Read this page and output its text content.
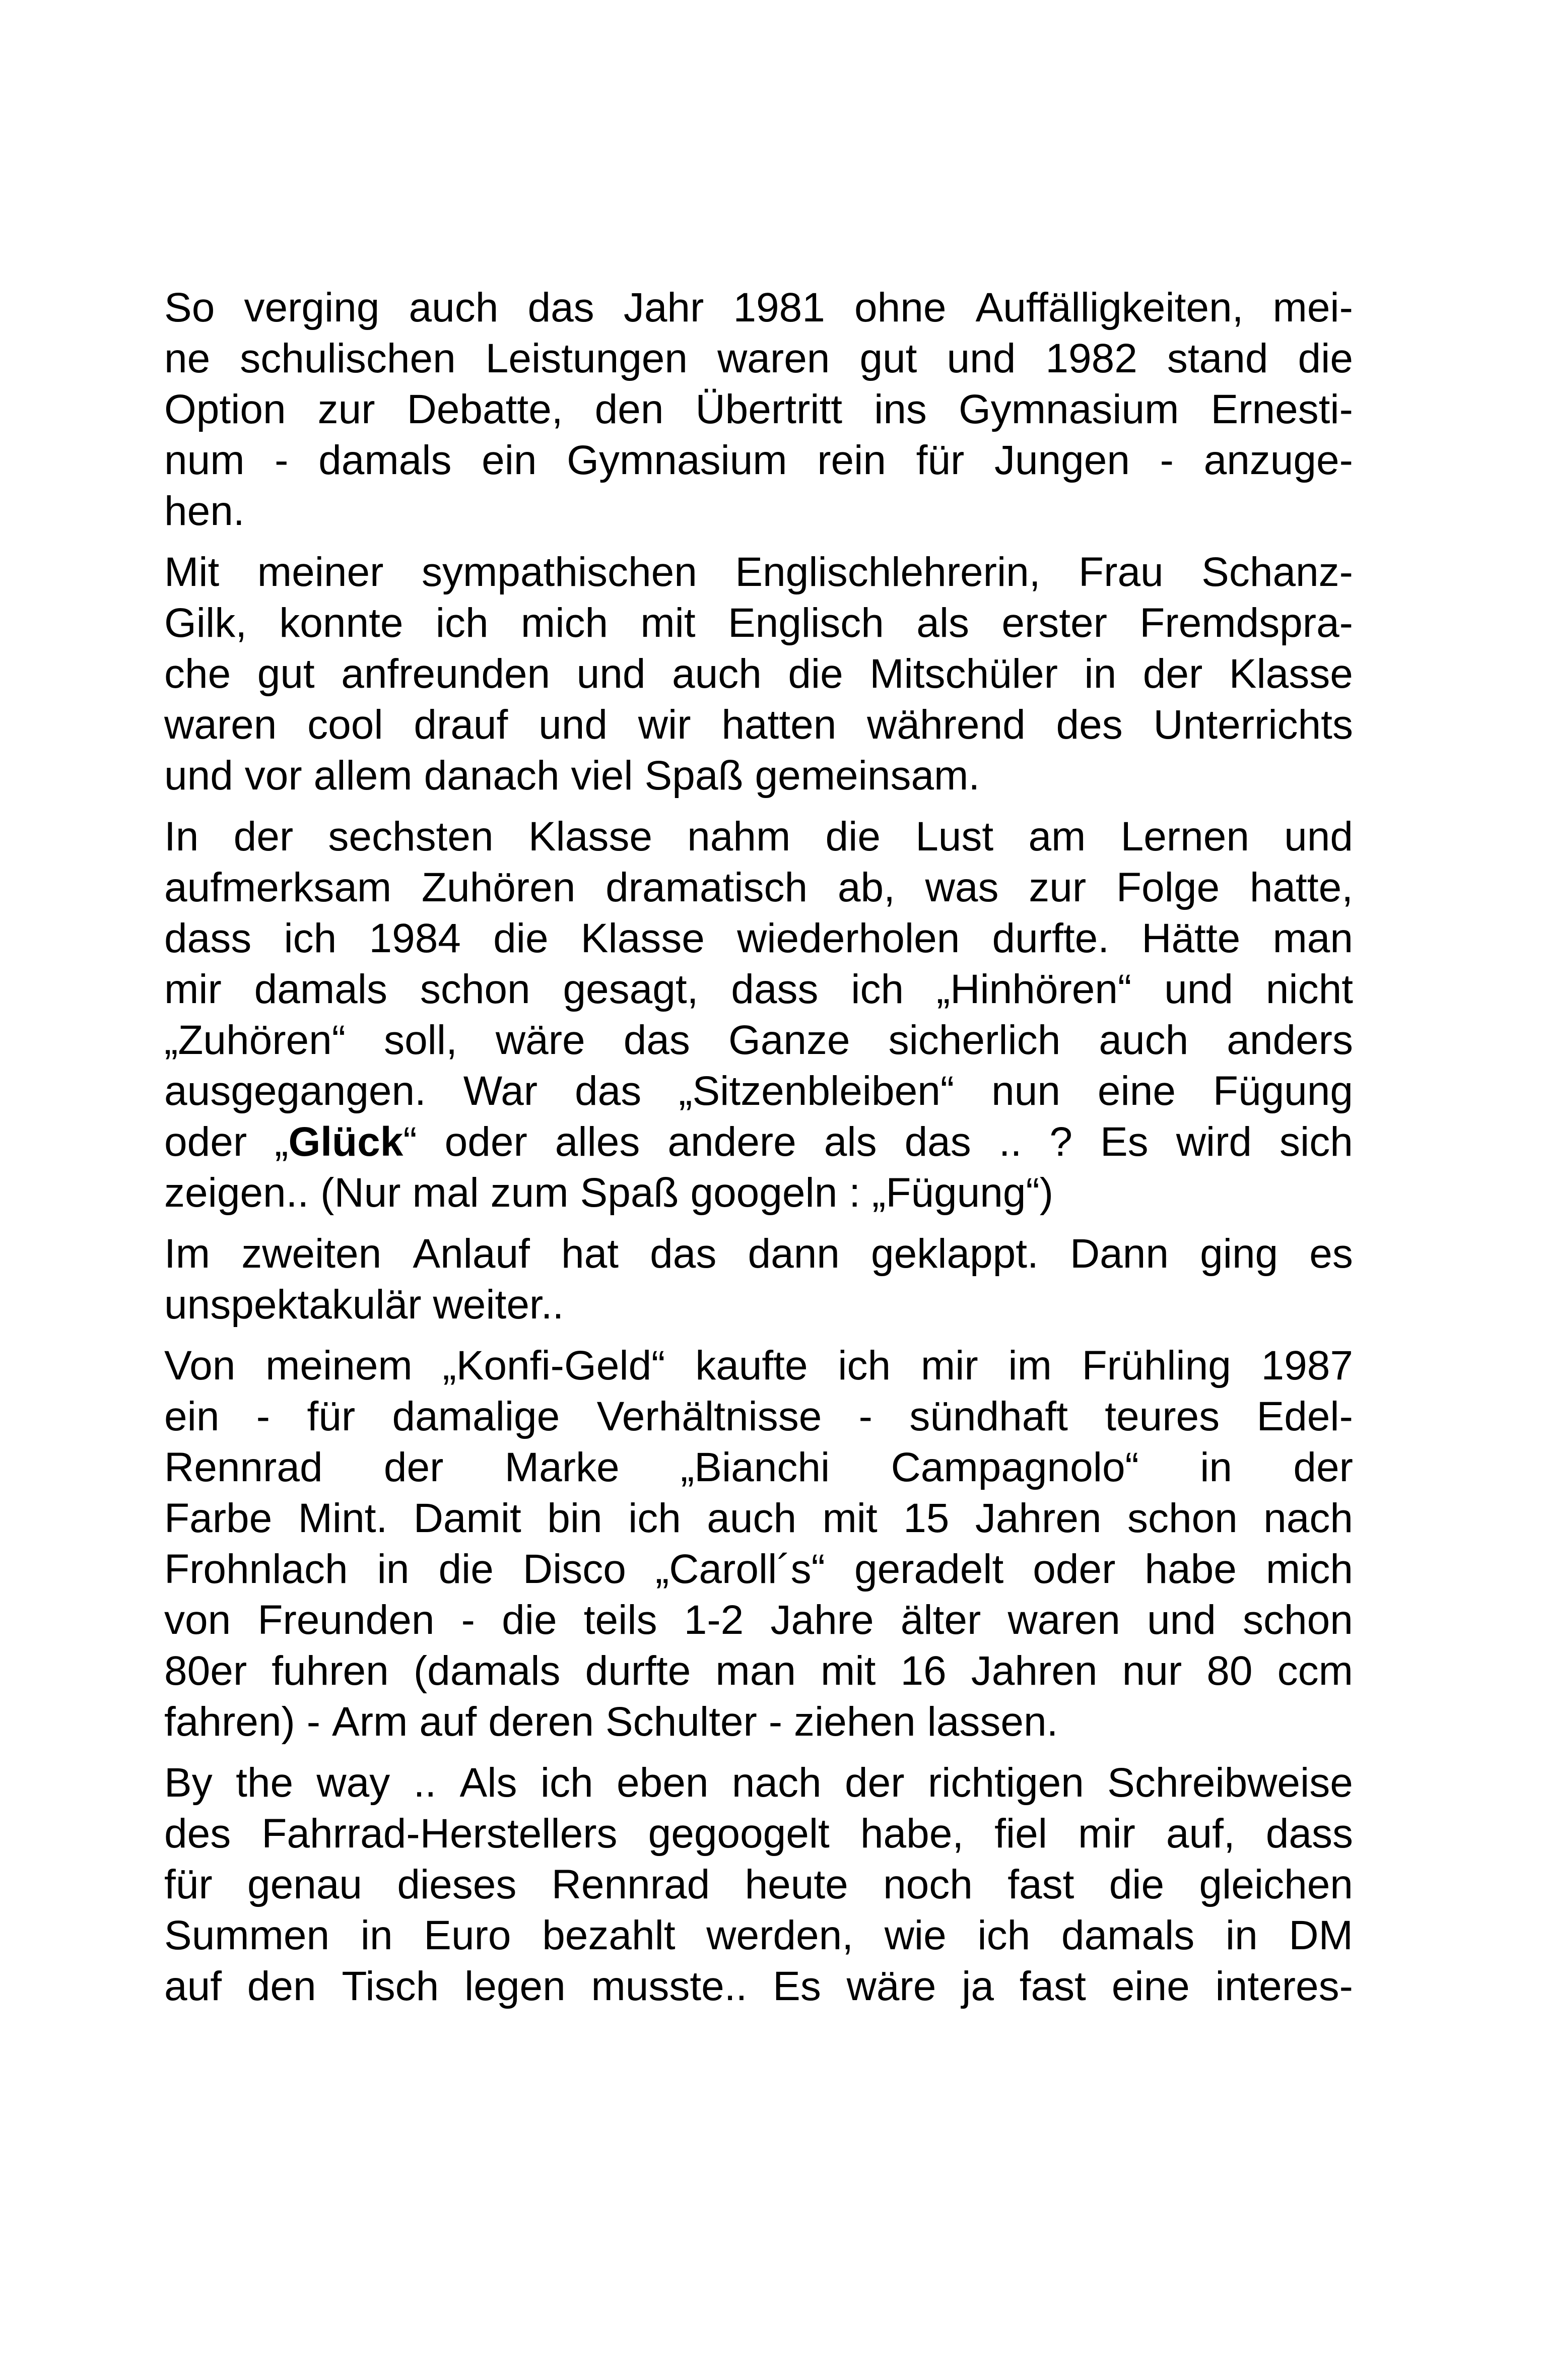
So verging auch das Jahr 1981 ohne Auffälligkeiten, mei-
ne schulischen Leistungen waren gut und 1982 stand die
Option zur Debatte, den Übertritt ins Gymnasium Ernesti-
num - damals ein Gymnasium rein für Jungen - anzuge-
hen.
Mit meiner sympathischen Englischlehrerin, Frau Schanz-
Gilk, konnte ich mich mit Englisch als erster Fremdspra-
che gut anfreunden und auch die Mitschüler in der Klasse
waren cool drauf und wir hatten während des Unterrichts
und vor allem danach viel Spaß gemeinsam.
In der sechsten Klasse nahm die Lust am Lernen und
aufmerksam Zuhören dramatisch ab, was zur Folge hatte,
dass ich 1984 die Klasse wiederholen durfte. Hätte man
mir damals schon gesagt, dass ich „Hinhören“ und nicht
„Zuhören“ soll, wäre das Ganze sicherlich auch anders
ausgegangen. War das „Sitzenbleiben“ nun eine Fügung
oder „Glück“ oder alles andere als das .. ? Es wird sich
zeigen.. (Nur mal zum Spaß googeln : „Fügung“)
Im zweiten Anlauf hat das dann geklappt. Dann ging es
unspektakulär weiter..
Von meinem „Konfi-Geld“ kaufte ich mir im Frühling 1987
ein - für damalige Verhältnisse - sündhaft teures Edel-
Rennrad der Marke „Bianchi Campagnolo“ in der
Farbe Mint. Damit bin ich auch mit 15 Jahren schon nach
Frohnlach in die Disco „Caroll´s“ geradelt oder habe mich
von Freunden - die teils 1-2 Jahre älter waren und schon
80er fuhren (damals durfte man mit 16 Jahren nur 80 ccm
fahren) - Arm auf deren Schulter - ziehen lassen.
By the way .. Als ich eben nach der richtigen Schreibweise
des Fahrrad-Herstellers gegoogelt habe, fiel mir auf, dass
für genau dieses Rennrad heute noch fast die gleichen
Summen in Euro bezahlt werden, wie ich damals in DM
auf den Tisch legen musste.. Es wäre ja fast eine interes-
